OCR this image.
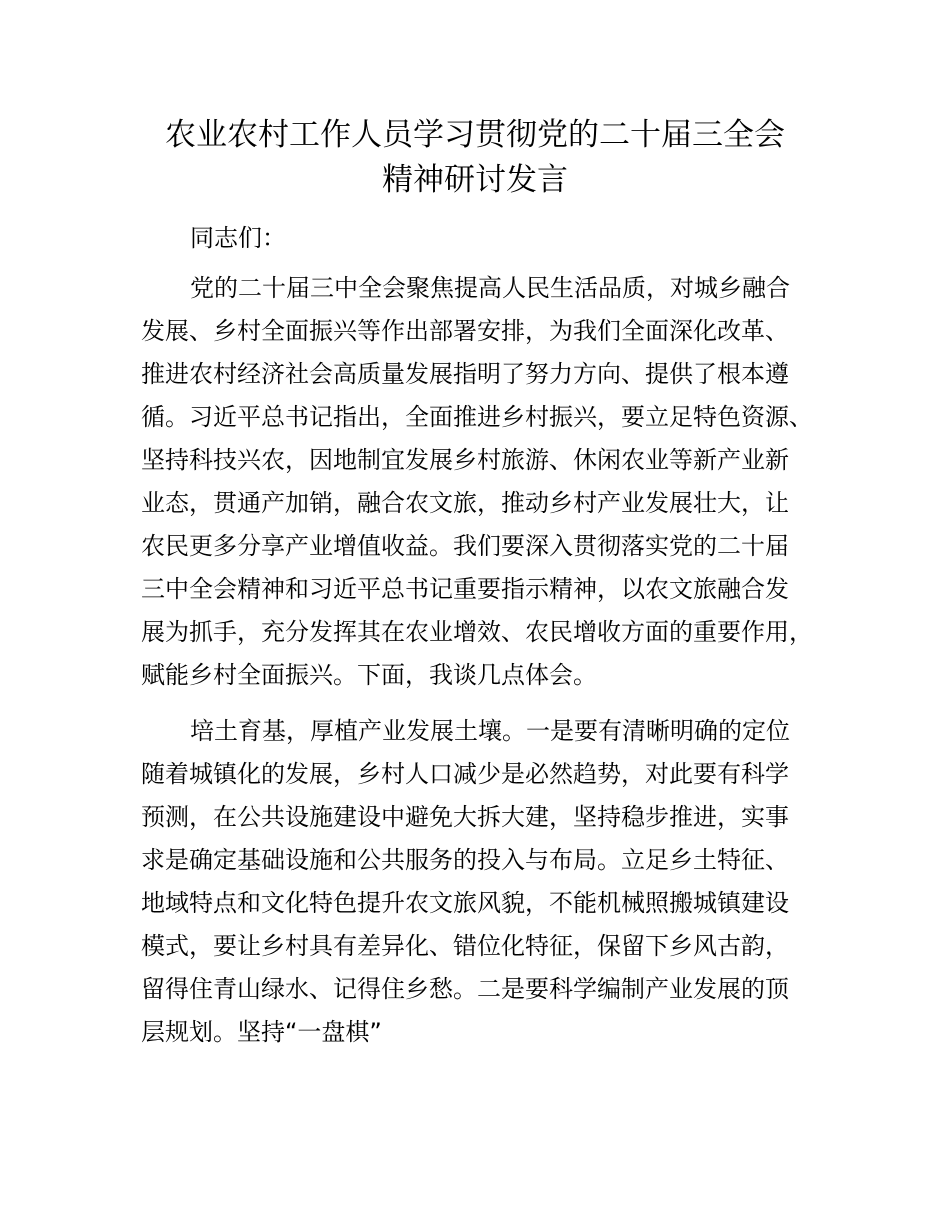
农业农村工作人员学习贯彻党的二十届三全会
精神研讨发言

同志们：

党的二十届三中全会聚焦提高人民生活品质，对城乡融合

发展、乡村全面振兴等作出部署安排，为我们全面深化改革、

推进农村经济社会高质量发展指明了努力方向、提供了根本遵

循。习近平总书记指出，全面推进乡村振兴，要立足特色资源、

坚持科技兴农，因地制宜发展乡村旅游、休闲农业等新产业新

业态，贯通产加销，融合农文旅，推动乡村产业发展壮大，让

农民更多分享产业增值收益。我们要深入贯彻落实党的二十届

三中全会精神和习近平总书记重要指示精神，以农文旅融合发

展为抓手，充分发挥其在农业增效、农民增收方面的重要作用，

赋能乡村全面振兴。下面，我谈几点体会。

培土育基，厚植产业发展土壤。一是要有清晰明确的定位

随着城镇化的发展，乡村人口减少是必然趋势，对此要有科学

预测，在公共设施建设中避免大拆大建，坚持稳步推进，实事

求是确定基础设施和公共服务的投入与布局。立足乡土特征、

地域特点和文化特色提升农文旅风貌，不能机械照搬城镇建设

模式，要让乡村具有差异化、错位化特征，保留下乡风古韵，

留得住青山绿水、记得住乡愁。二是要科学编制产业发展的顶

层规划。坚持“一盘棋”
